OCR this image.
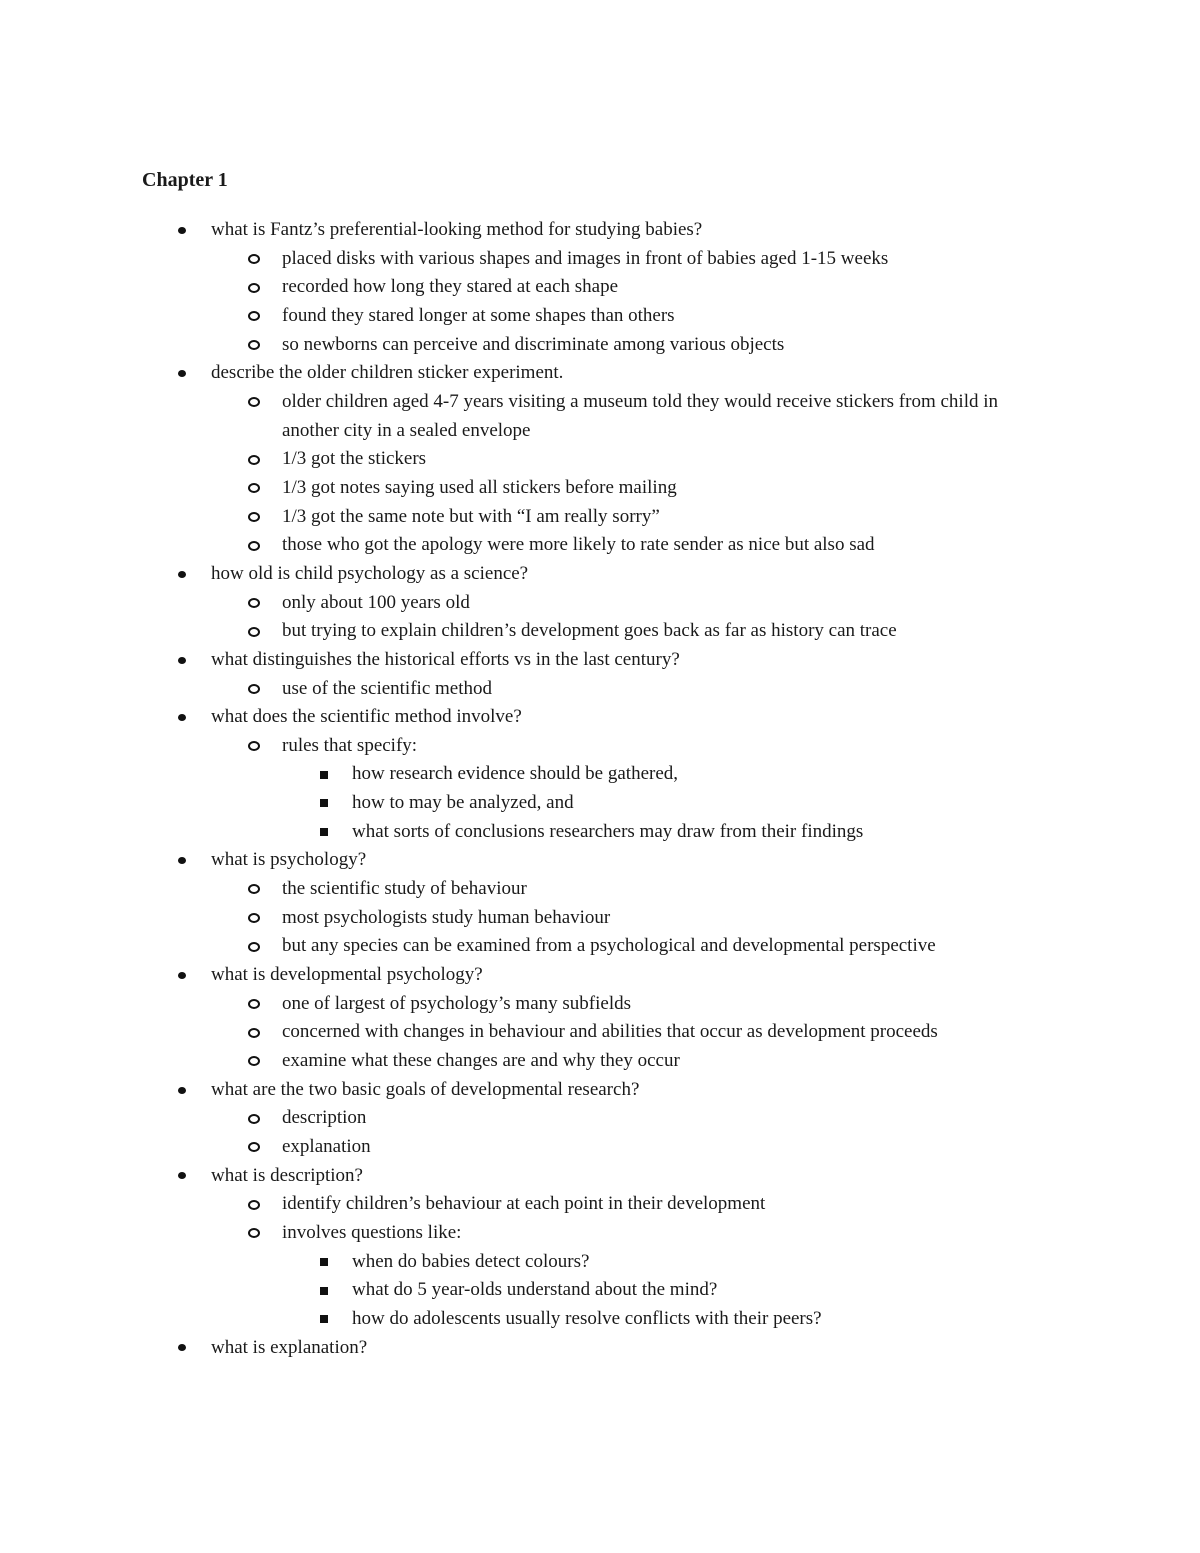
Chapter 1
what is Fantz’s preferential-looking method for studying babies?
placed disks with various shapes and images in front of babies aged 1-15 weeks
recorded how long they stared at each shape
found they stared longer at some shapes than others
so newborns can perceive and discriminate among various objects
describe the older children sticker experiment.
older children aged 4-7 years visiting a museum told they would receive stickers from child in another city in a sealed envelope
1/3 got the stickers
1/3 got notes saying used all stickers before mailing
1/3 got the same note but with “I am really sorry”
those who got the apology were more likely to rate sender as nice but also sad
how old is child psychology as a science?
only about 100 years old
but trying to explain children’s development goes back as far as history can trace
what distinguishes the historical efforts vs in the last century?
use of the scientific method
what does the scientific method involve?
rules that specify:
how research evidence should be gathered,
how to may be analyzed, and
what sorts of conclusions researchers may draw from their findings
what is psychology?
the scientific study of behaviour
most psychologists study human behaviour
but any species can be examined from a psychological and developmental perspective
what is developmental psychology?
one of largest of psychology’s many subfields
concerned with changes in behaviour and abilities that occur as development proceeds
examine what these changes are and why they occur
what are the two basic goals of developmental research?
description
explanation
what is description?
identify children’s behaviour at each point in their development
involves questions like:
when do babies detect colours?
what do 5 year-olds understand about the mind?
how do adolescents usually resolve conflicts with their peers?
what is explanation?
